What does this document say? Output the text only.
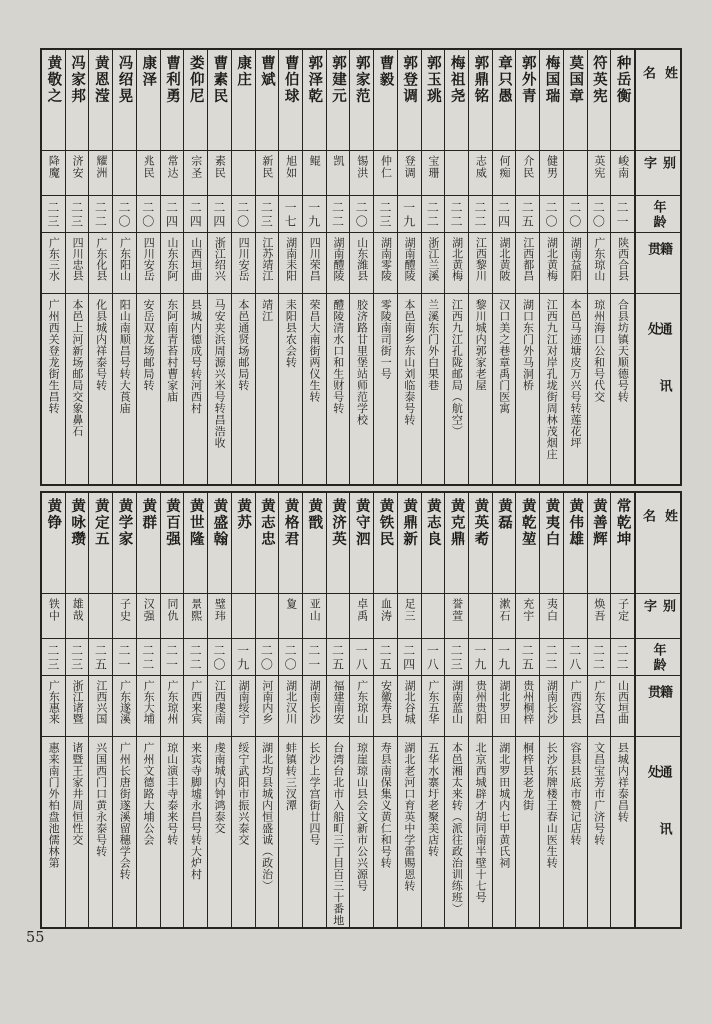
姓 名
别字
年龄
籍贯
通讯处
种岳衡
峻南
二一
陕西合县
合县坊镇天顺德号转
符英宪
英宪
二〇
广东琼山
琼州海口公和号代交
莫国章
二〇
湖南益阳
本邑马迹塘皮万兴号转莲花坪
梅国瑞
健男
二〇
湖北黄梅
江西九江对岸孔垅街周林茂烟庄
郭外青
介民
二五
江西都昌
湖口东门外马洞桥
章只愚
何痴
二四
湖北黄陂
汉口美之巷章禹门医寓
郭鼎铭
志威
二二
江西黎川
黎川城内郭家老屋
梅祖尧
二二
湖北黄梅
江西九江孔陇邮局（航空）
郭玉珧
宝珊
二二
浙江兰溪
兰溪东门外白果巷
郭登调
登调
一九
湖南醴陵
本邑南乡东山刘临泰号转
曹毅
仲仁
二三
湖南零陵
零陵南司街一号
郭家范
锡洪
二〇
山东潍县
胶济路廿里堡站师范学校
郭建元
凯
二二
湖南醴陵
醴陵清水口和生财号转
郭泽乾
鲲
一九
四川荣昌
荣昌大南街两仪生转
曹伯球
旭如
一七
湖南耒阳
耒阳县农会转
曹斌
新民
二三
江苏靖江
靖江
康庄
二〇
四川安岳
本邑通贤场邮局转
曹素民
素民
二四
浙江绍兴
马安夹浜周源兴米号转昌浩收
娄仰尼
宗圣
二四
山西垣曲
县城内德成号转河西村
曹利勇
常达
二四
山东东阿
东阿南青苔村曹家庙
康泽
兆民
二〇
四川安岳
安岳双龙场邮局转
冯绍晃
二〇
广东阳山
阳山南顺昌号转大莨庙
黄恩滢
耀洲
二二
广东化县
化县城内祥泰号转
冯家邦
济安
二三
四川忠县
本邑上河新场邮局交象鼻石
黄敬之
降魔
二三
广东三水
广州西关登龙街生昌转
姓 名
别字
年龄
籍贯
通讯处
常乾坤
子定
二二
山西垣曲
县城内祥泰昌转
黄善辉
焕吾
二二
广东文昌
文昌宝芳市广济号转
黄伟雄
二八
广西容县
容县县底市赞记店转
黄夷白
夷白
二二
湖南长沙
长沙东牌楼王春山医生转
黄乾堃
充宇
二五
贵州桐梓
桐梓县老龙街
黄磊
漱石
一九
湖北罗田
湖北罗田城内七甲黄氏祠
黄英耇
一九
贵州贵阳
北京西城辟才胡同南半壁十七号
黄克鼎
誉萱
二三
湖南蓝山
本邑湘太来转（派往政治训练班）
黄志良
一八
广东五华
五华水寨圩老聚美店转
黄鼎新
足三
二四
湖北谷城
湖北老河口育英中学雷赐恩转
黄铁民
血涛
二五
安徽寿县
寿县南保集义黄仁和号转
黄守泗
卓禹
一八
广东琼山
琼崖琼山县会文新市公兴源号
黄济英
二五
福建南安
台湾台北市入船町三丁目百三十番地
黄戬
亚山
二一
湖南长沙
长沙上学宫街廿四号
黄格君
夐
二〇
湖北汉川
蚌镇转三汊潭
黄志忠
二〇
河南内乡
湖北均县城内恒盛诚（政治）
黄苏
一九
湖南绥宁
绥宁武阳市振兴泰交
黄盛翰
璧玮
二〇
江西虔南
虔南城内钟鸿泰交
黄世隆
景熙
二二
广西来宾
来宾寺脚墟永昌号转大炉村
黄百强
同仇
二一
广东琼州
琼山演丰寺泰来号转
黄群
汉强
二二
广东大埔
广州文德路大埔公会
黄学家
子史
二一
广东遂溪
广州长唐街遂溪留穗学会转
黄定五
二五
江西兴国
兴国西门口黄永泰号转
黄咏瓒
雄哉
二三
浙江诸暨
诸暨王家井周恒性交
黄铮
铁中
二三
广东惠来
惠来南门外柏盘池儒林第
55
